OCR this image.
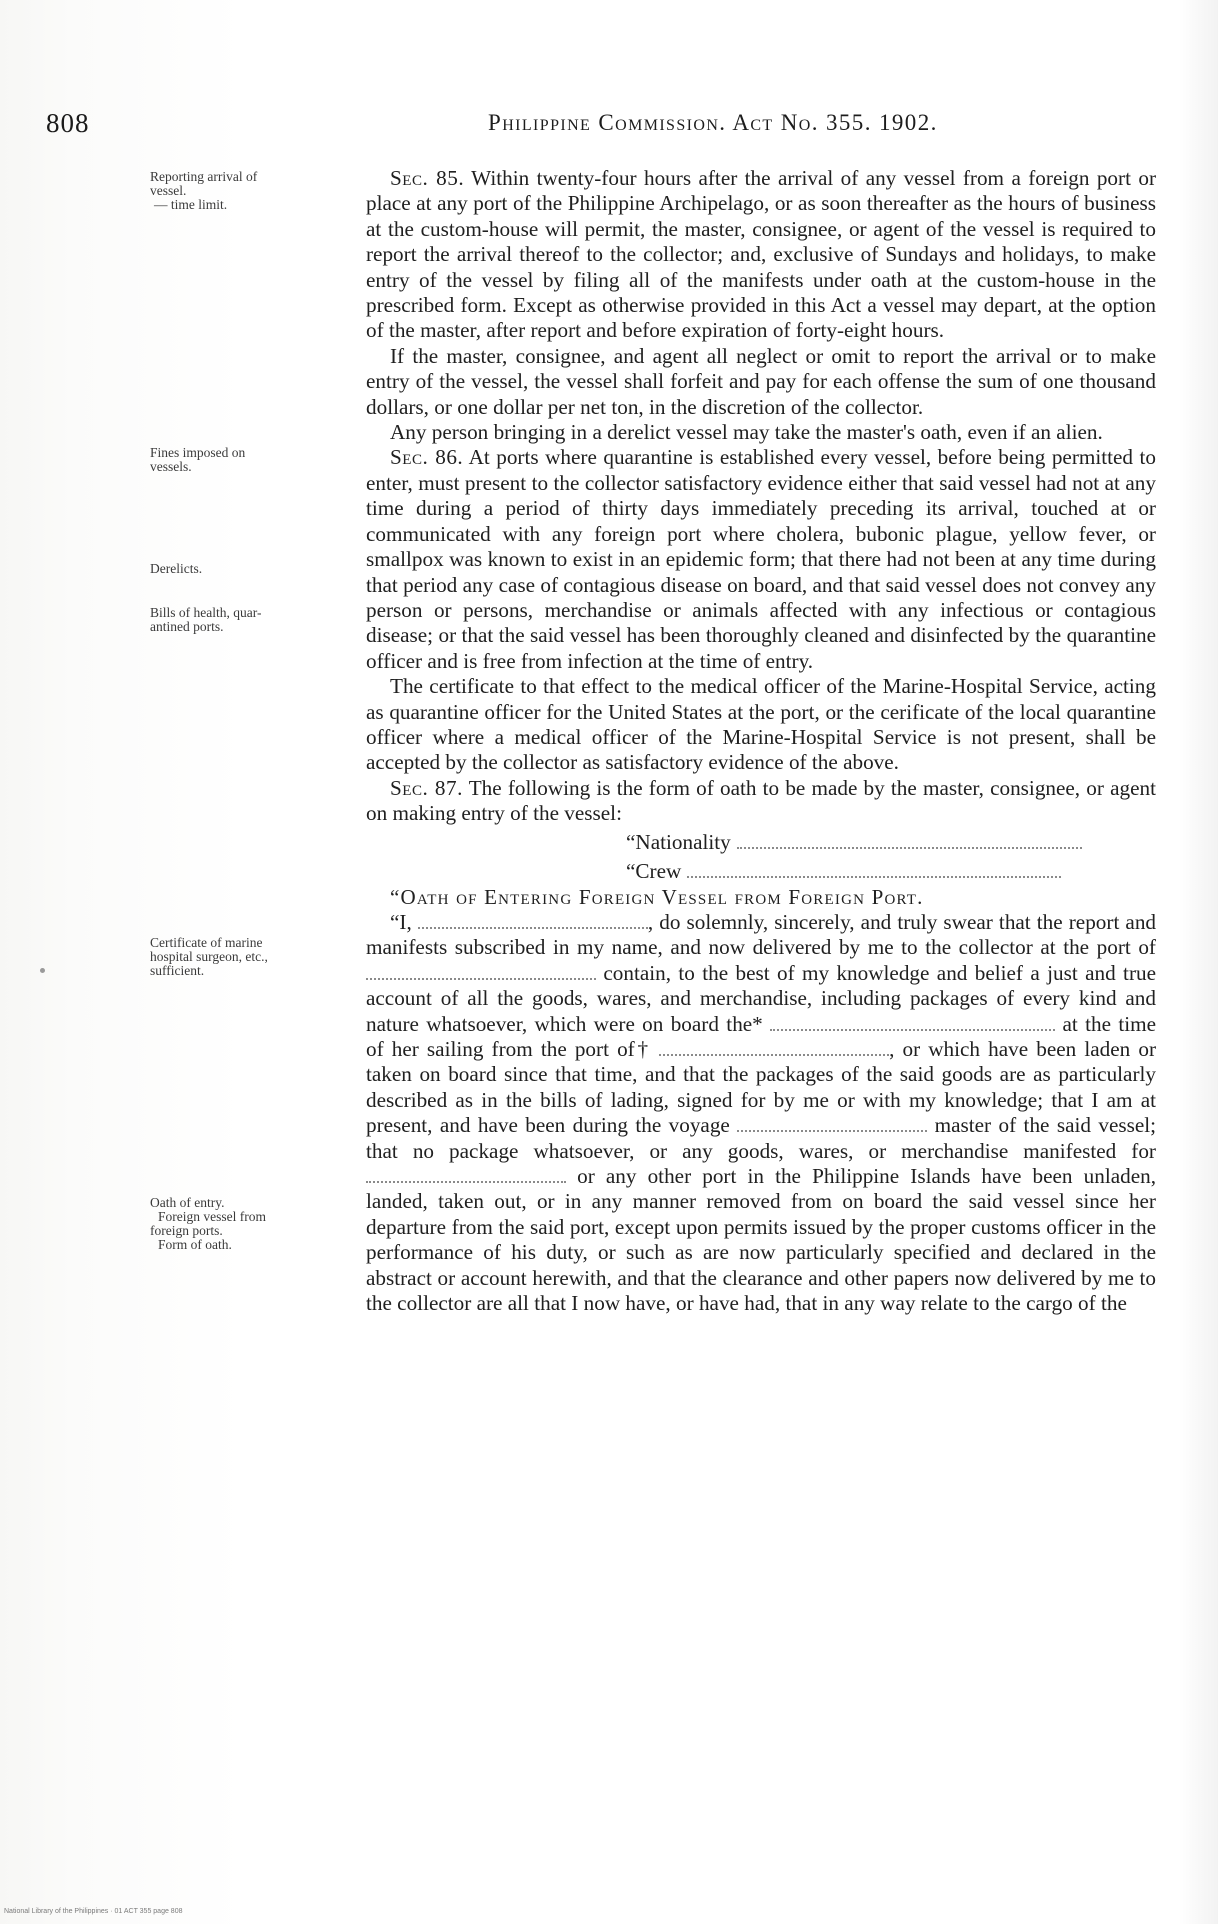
808	Philippine Commission. Act No. 355. 1902.
Reporting arrival of
vessel.
— time limit.
Fines imposed on
vessels.
Derelicts.
Bills of health, quar-
antined ports.
Certificate of marine
hospital surgeon, etc.,
sufficient.
Oath of entry.
Foreign vessel from
foreign ports.
Form of oath.

Sec. 85. Within twenty-four hours after the arrival of any vessel from a foreign port or place at any port of the Philippine Archipelago, or as soon thereafter as the hours of business at the custom-house will permit, the master, consignee, or agent of the vessel is required to report the arrival thereof to the collector; and, exclusive of Sundays and holidays, to make entry of the vessel by filing all of the manifests under oath at the custom-house in the prescribed form. Except as otherwise provided in this Act a vessel may depart, at the option of the master, after report and before expiration of forty-eight hours.

If the master, consignee, and agent all neglect or omit to report the arrival or to make entry of the vessel, the vessel shall forfeit and pay for each offense the sum of one thousand dollars, or one dollar per net ton, in the discretion of the collector.

Any person bringing in a derelict vessel may take the master's oath, even if an alien.

Sec. 86. At ports where quarantine is established every vessel, before being permitted to enter, must present to the collector satisfactory evidence either that said vessel had not at any time during a period of thirty days immediately preceding its arrival, touched at or communicated with any foreign port where cholera, bubonic plague, yellow fever, or smallpox was known to exist in an epidemic form; that there had not been at any time during that period any case of contagious disease on board, and that said vessel does not convey any person or persons, merchandise or animals affected with any infectious or contagious disease; or that the said vessel has been thoroughly cleaned and disinfected by the quarantine officer and is free from infection at the time of entry.

The certificate to that effect to the medical officer of the Marine-Hospital Service, acting as quarantine officer for the United States at the port, or the cerificate of the local quarantine officer where a medical officer of the Marine-Hospital Service is not present, shall be accepted by the collector as satisfactory evidence of the above.

Sec. 87. The following is the form of oath to be made by the master, consignee, or agent on making entry of the vessel:

“Nationality
“Crew

“Oath of Entering Foreign Vessel from Foreign Port.

“I,	, do solemnly, sincerely, and truly swear that the report and manifests subscribed in my name, and now delivered by me to the collector at the port of  contain, to the best of my knowledge and belief a just and true account of all the goods, wares, and merchandise, including packages of every kind and nature whatsoever, which were on board the*	at the time of her sailing from the port of†	, or which have been laden or taken on board since that time, and that the packages of the said goods are as particularly described as in the bills of lading, signed for by me or with my knowledge; that I am at present, and have been during the voyage	master of the said vessel; that no package whatsoever, or any goods, wares, or merchandise manifested for  or any other port in the Philippine Islands have been unladen, landed, taken out, or in any manner removed from on board the said vessel since her departure from the said port, except upon permits issued by the proper customs officer in the performance of his duty, or such as are now particularly specified and declared in the abstract or account herewith, and that the clearance and other papers now delivered by me to the collector are all that I now have, or have had, that in any way relate to the cargo of the

National Library of the Philippines · 01 ACT 355 page 808
